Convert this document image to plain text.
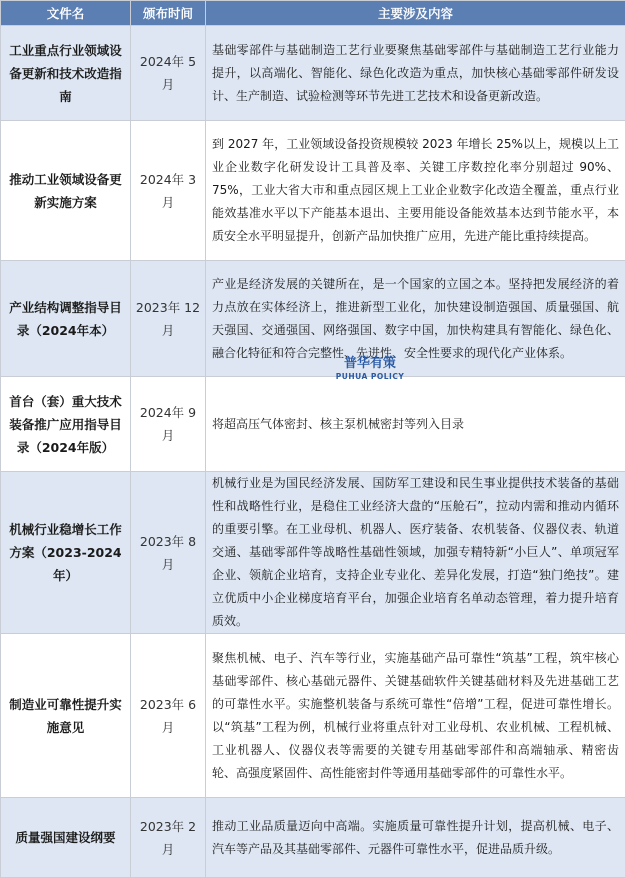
文件名	颁布时间	主要涉及内容
工业重点行业领域设备更新和技术改造指南	2024年 5月	基础零部件与基础制造工艺行业要聚焦基础零部件与基础制造工艺行业能力提升，以高端化、智能化、绿色化改造为重点，加快核心基础零部件研发设计、生产制造、试验检测等环节先进工艺技术和设备更新改造。
推动工业领域设备更新实施方案	2024年 3月	到 2027 年，工业领域设备投资规模较 2023 年增长 25%以上，规模以上工业企业数字化研发设计工具普及率、关键工序数控化率分别超过 90%、75%，工业大省大市和重点园区规上工业企业数字化改造全覆盖，重点行业能效基准水平以下产能基本退出、主要用能设备能效基本达到节能水平，本质安全水平明显提升，创新产品加快推广应用，先进产能比重持续提高。
产业结构调整指导目录（2024年本）	2023年 12月	产业是经济发展的关键所在，是一个国家的立国之本。坚持把发展经济的着力点放在实体经济上，推进新型工业化，加快建设制造强国、质量强国、航天强国、交通强国、网络强国、数字中国，加快构建具有智能化、绿色化、融合化特征和符合完整性、先进性、安全性要求的现代化产业体系。
首台（套）重大技术装备推广应用指导目录（2024年版）	2024年 9月	将超高压气体密封、核主泵机械密封等列入目录
机械行业稳增长工作方案（2023-2024年）	2023年 8月	机械行业是为国民经济发展、国防军工建设和民生事业提供技术装备的基础性和战略性行业，是稳住工业经济大盘的“压舱石”，拉动内需和推动内循环的重要引擎。在工业母机、机器人、医疗装备、农机装备、仪器仪表、轨道交通、基础零部件等战略性基础性领域，加强专精特新“小巨人”、单项冠军企业、领航企业培育，支持企业专业化、差异化发展，打造“独门绝技”。建立优质中小企业梯度培育平台，加强企业培育名单动态管理，着力提升培育质效。
制造业可靠性提升实施意见	2023年 6月	聚焦机械、电子、汽车等行业，实施基础产品可靠性“筑基”工程，筑牢核心基础零部件、核心基础元器件、关键基础软件关键基础材料及先进基础工艺的可靠性水平。实施整机装备与系统可靠性“倍增”工程，促进可靠性增长。以“筑基”工程为例，机械行业将重点针对工业母机、农业机械、工程机械、工业机器人、仪器仪表等需要的关键专用基础零部件和高端轴承、精密齿轮、高强度紧固件、高性能密封件等通用基础零部件的可靠性水平。
质量强国建设纲要	2023年 2月	推动工业品质量迈向中高端。实施质量可靠性提升计划，提高机械、电子、汽车等产品及其基础零部件、元器件可靠性水平，促进品质升级。
普华有策
PUHUA POLICY
